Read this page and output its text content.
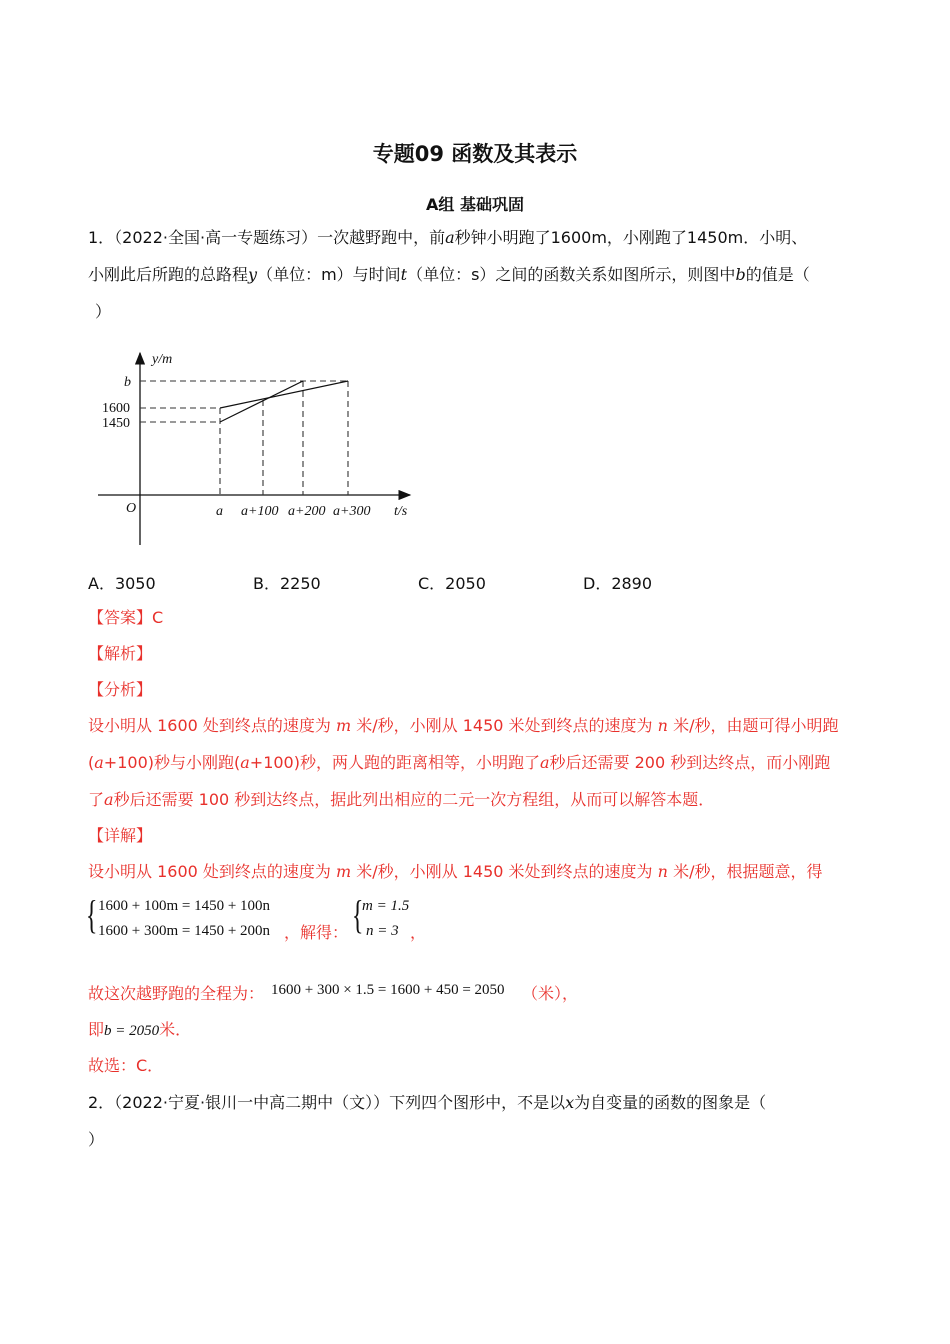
专题09 函数及其表示
A组 基础巩固
1．（2022·全国·高一专题练习）一次越野跑中，前a秒钟小明跑了1600m，小刚跑了1450m．小明、
小刚此后所跑的总路程y（单位：m）与时间t（单位：s）之间的函数关系如图所示，则图中b的值是（
）
y/m
t/s
O
b
1600
1450
a a+100 a+200 a+300
A．3050	B．2250	C．2050	D．2890
【答案】C
【解析】
【分析】
设小明从 1600 处到终点的速度为 m 米/秒，小刚从 1450 米处到终点的速度为 n 米/秒，由题可得小明跑
(a+100)秒与小刚跑(a+100)秒，两人跑的距离相等，小明跑了a秒后还需要 200 秒到达终点，而小刚跑
了a秒后还需要 100 秒到达终点，据此列出相应的二元一次方程组，从而可以解答本题．
【详解】
设小明从 1600 处到终点的速度为 m 米/秒，小刚从 1450 米处到终点的速度为 n 米/秒，根据题意，得
{ 1600 + 100m = 1450 + 100n
1600 + 300m = 1450 + 200n ，解得： {
m = 1.5
n = 3 ，
故这次越野跑的全程为： 1600 + 300 × 1.5 = 1600 + 450 = 2050 （米），
即b = 2050米．
故选：C．
2．（2022·宁夏·银川一中高二期中（文））下列四个图形中，不是以x为自变量的函数的图象是（
）
